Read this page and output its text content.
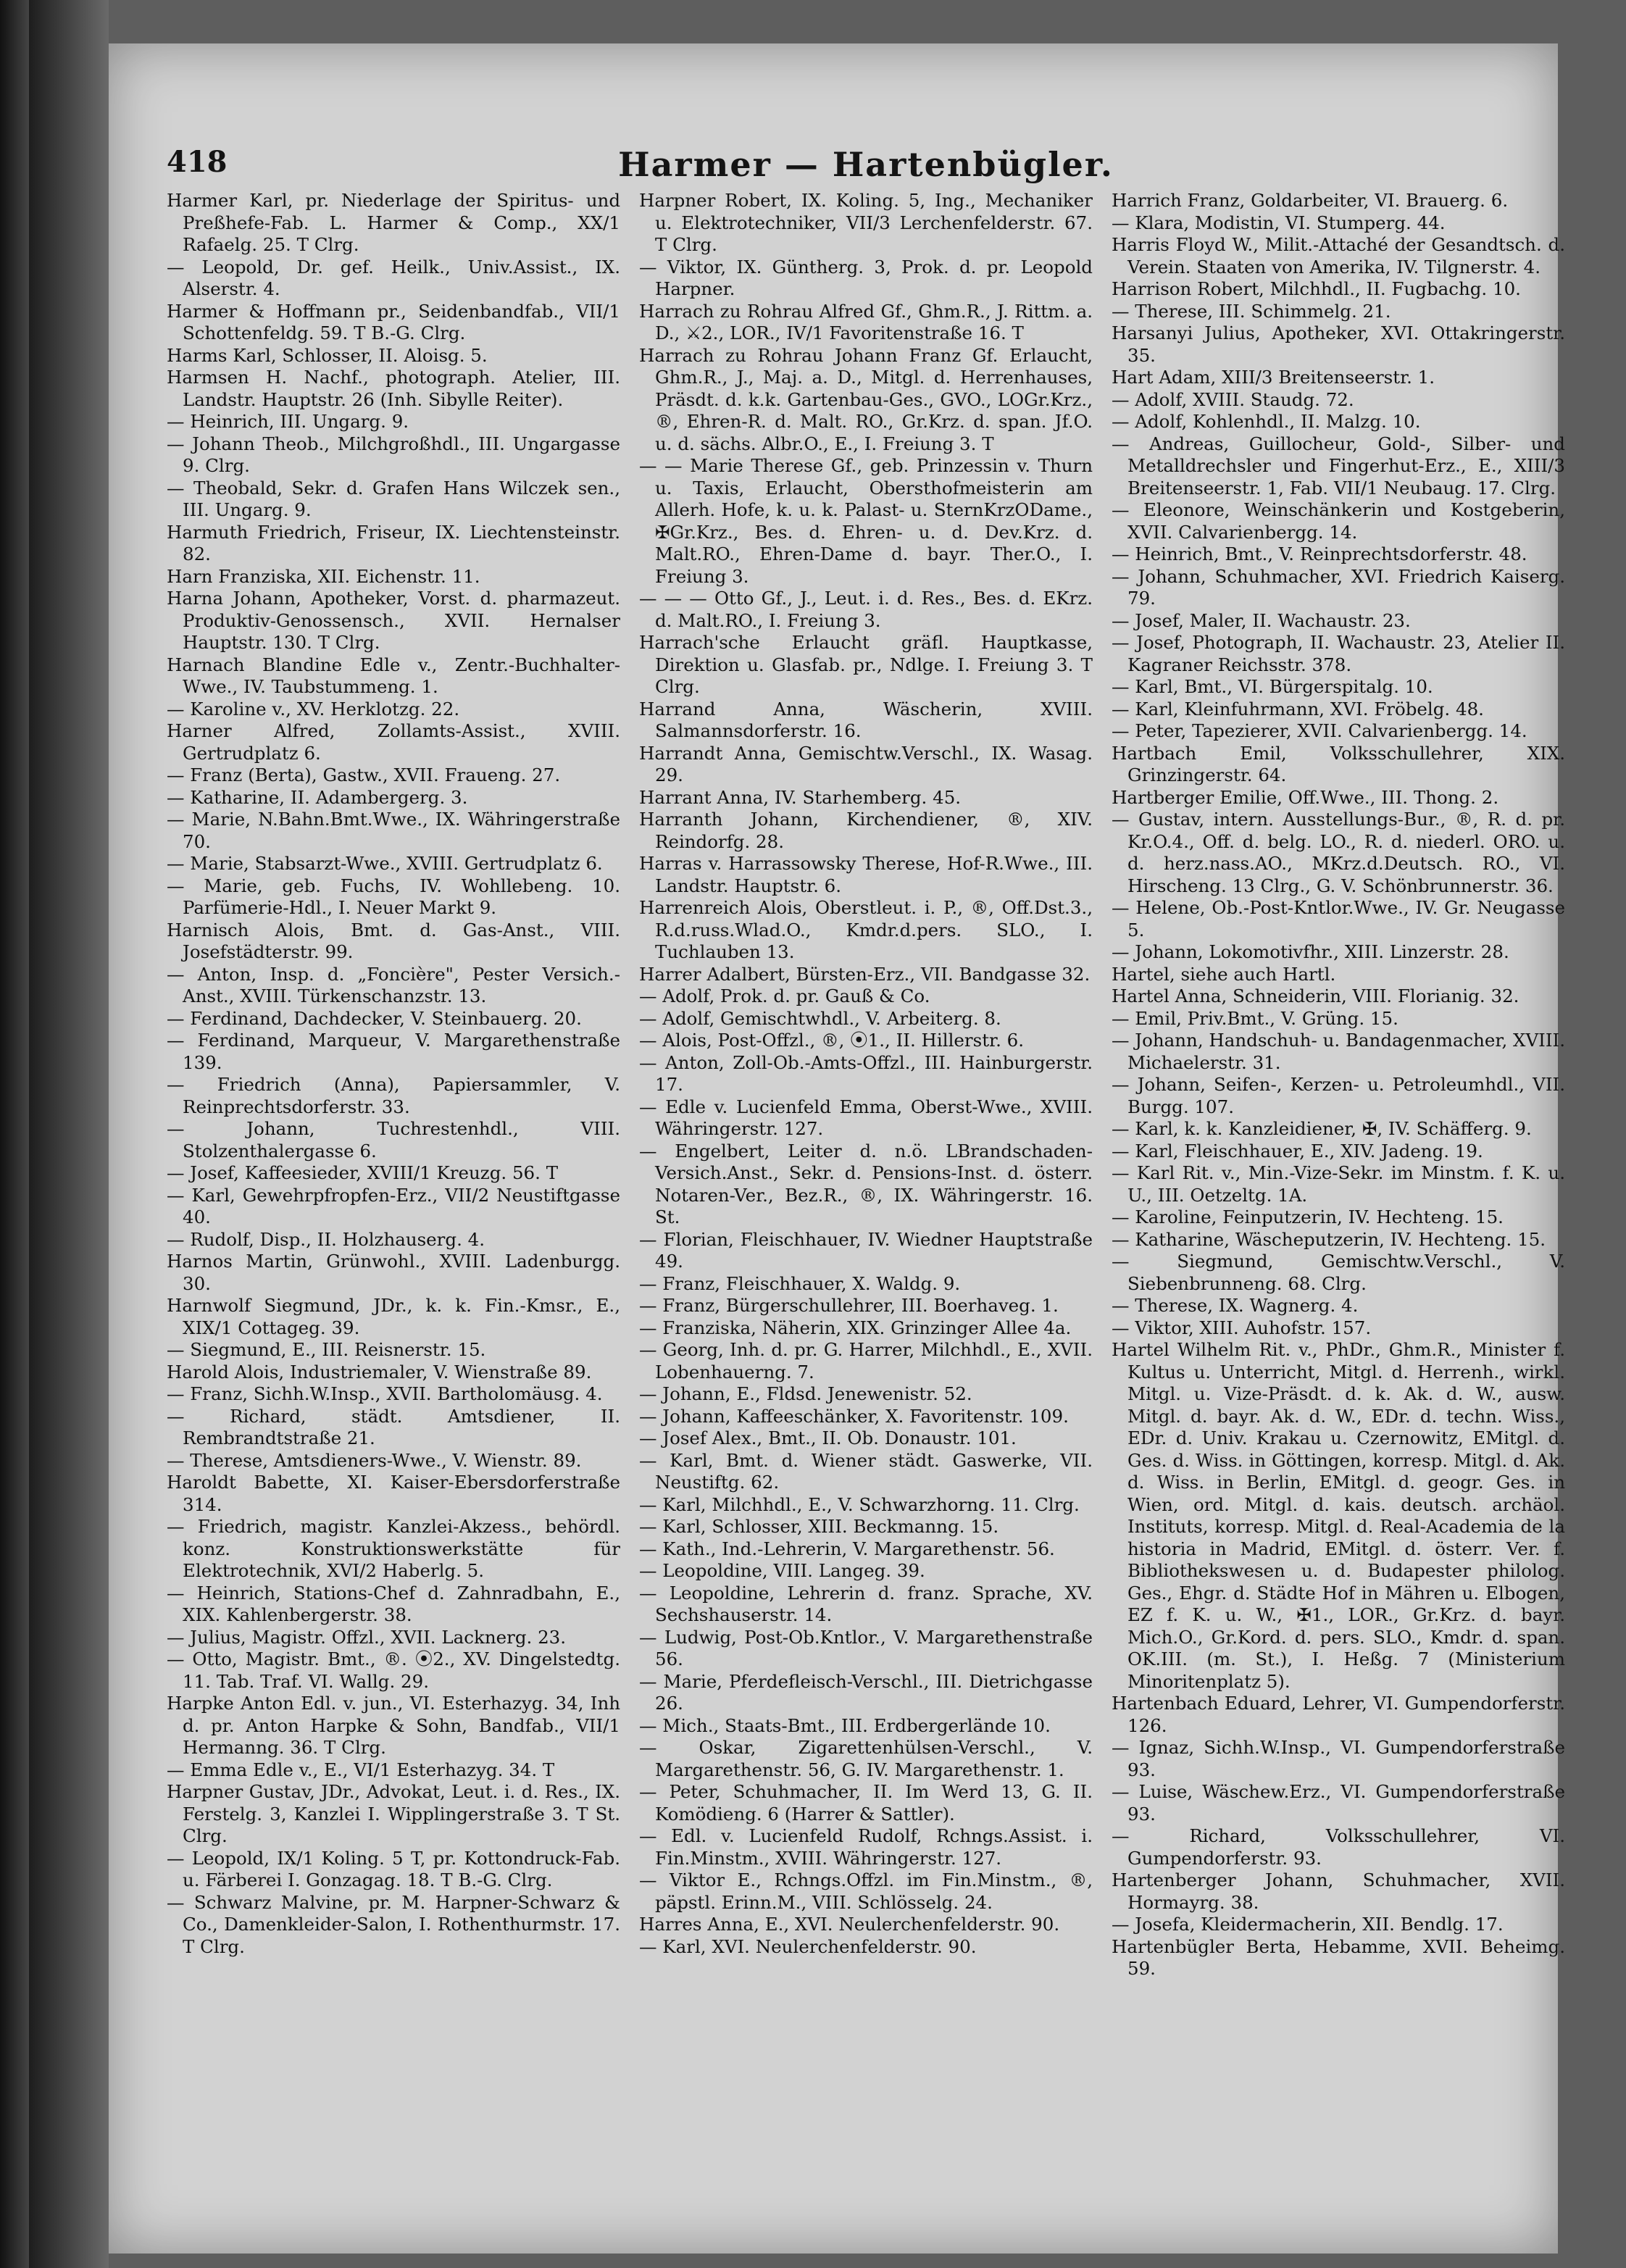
Harmer — Hartenbügler.
418

Harmer Karl, pr. Niederlage der Spiritus- und Preßhefe-Fab. L. Harmer & Comp., XX/1 Rafaelg. 25. T Clrg.

— Leopold, Dr. gef. Heilk., Univ.Assist., IX. Alserstr. 4.

Harmer & Hoffmann pr., Seidenbandfab., VII/1 Schottenfeldg. 59. T B.-G. Clrg.

Harms Karl, Schlosser, II. Aloisg. 5.

Harmsen H. Nachf., photograph. Atelier, III. Landstr. Hauptstr. 26 (Inh. Sibylle Reiter).

— Heinrich, III. Ungarg. 9.

— Johann Theob., Milchgroßhdl., III. Ungargasse 9. Clrg.

— Theobald, Sekr. d. Grafen Hans Wilczek sen., III. Ungarg. 9.

Harmuth Friedrich, Friseur, IX. Liechtensteinstr. 82.

Harn Franziska, XII. Eichenstr. 11.

Harna Johann, Apotheker, Vorst. d. pharmazeut. Produktiv-Genossensch., XVII. Hernalser Hauptstr. 130. T Clrg.

Harnach Blandine Edle v., Zentr.-Buchhalter-Wwe., IV. Taubstummeng. 1.

— Karoline v., XV. Herklotzg. 22.

Harner Alfred, Zollamts-Assist., XVIII. Gertrudplatz 6.

— Franz (Berta), Gastw., XVII. Fraueng. 27.

— Katharine, II. Adambergerg. 3.

— Marie, N.Bahn.Bmt.Wwe., IX. Währingerstraße 70.

— Marie, Stabsarzt-Wwe., XVIII. Gertrudplatz 6.

— Marie, geb. Fuchs, IV. Wohllebeng. 10. Parfümerie-Hdl., I. Neuer Markt 9.

Harnisch Alois, Bmt. d. Gas-Anst., VIII. Josefstädterstr. 99.

— Anton, Insp. d. „Foncière", Pester Versich.-Anst., XVIII. Türkenschanzstr. 13.

— Ferdinand, Dachdecker, V. Steinbauerg. 20.

— Ferdinand, Marqueur, V. Margarethenstraße 139.

— Friedrich (Anna), Papiersammler, V. Reinprechtsdorferstr. 33.

— Johann, Tuchrestenhdl., VIII. Stolzenthalergasse 6.

— Josef, Kaffeesieder, XVIII/1 Kreuzg. 56. T

— Karl, Gewehrpfropfen-Erz., VII/2 Neustiftgasse 40.

— Rudolf, Disp., II. Holzhauserg. 4.

Harnos Martin, Grünwohl., XVIII. Ladenburgg. 30.

Harnwolf Siegmund, JDr., k. k. Fin.-Kmsr., E., XIX/1 Cottageg. 39.

— Siegmund, E., III. Reisnerstr. 15.

Harold Alois, Industriemaler, V. Wienstraße 89.

— Franz, Sichh.W.Insp., XVII. Bartholomäusg. 4.

— Richard, städt. Amtsdiener, II. Rembrandtstraße 21.

— Therese, Amtsdieners-Wwe., V. Wienstr. 89.

Haroldt Babette, XI. Kaiser-Ebersdorferstraße 314.

— Friedrich, magistr. Kanzlei-Akzess., behördl. konz. Konstruktionswerkstätte für Elektrotechnik, XVI/2 Haberlg. 5.

— Heinrich, Stations-Chef d. Zahnradbahn, E., XIX. Kahlenbergerstr. 38.

— Julius, Magistr. Offzl., XVII. Lacknerg. 23.

— Otto, Magistr. Bmt., ®. ⦿2., XV. Dingelstedtg. 11. Tab. Traf. VI. Wallg. 29.

Harpke Anton Edl. v. jun., VI. Esterhazyg. 34, Inh d. pr. Anton Harpke & Sohn, Bandfab., VII/1 Hermanng. 36. T Clrg.

— Emma Edle v., E., VI/1 Esterhazyg. 34. T

Harpner Gustav, JDr., Advokat, Leut. i. d. Res., IX. Ferstelg. 3, Kanzlei I. Wipplingerstraße 3. T St. Clrg.

— Leopold, IX/1 Koling. 5 T, pr. Kottondruck-Fab. u. Färberei I. Gonzagag. 18. T B.-G. Clrg.

— Schwarz Malvine, pr. M. Harpner-Schwarz & Co., Damenkleider-Salon, I. Rothenthurmstr. 17. T Clrg.

Harpner Robert, IX. Koling. 5, Ing., Mechaniker u. Elektrotechniker, VII/3 Lerchenfelderstr. 67. T Clrg.

— Viktor, IX. Güntherg. 3, Prok. d. pr. Leopold Harpner.

Harrach zu Rohrau Alfred Gf., Ghm.R., J. Rittm. a. D., ⚔2., LOR., IV/1 Favoritenstraße 16. T

Harrach zu Rohrau Johann Franz Gf. Erlaucht, Ghm.R., J., Maj. a. D., Mitgl. d. Herrenhauses, Präsdt. d. k.k. Gartenbau-Ges., GVO., LOGr.Krz., ®, Ehren-R. d. Malt. RO., Gr.Krz. d. span. Jf.O. u. d. sächs. Albr.O., E., I. Freiung 3. T

— — Marie Therese Gf., geb. Prinzessin v. Thurn u. Taxis, Erlaucht, Obersthofmeisterin am Allerh. Hofe, k. u. k. Palast- u. SternKrzODame., ✠Gr.Krz., Bes. d. Ehren- u. d. Dev.Krz. d. Malt.RO., Ehren-Dame d. bayr. Ther.O., I. Freiung 3.

— — — Otto Gf., J., Leut. i. d. Res., Bes. d. EKrz. d. Malt.RO., I. Freiung 3.

Harrach'sche Erlaucht gräfl. Hauptkasse, Direktion u. Glasfab. pr., Ndlge. I. Freiung 3. T Clrg.

Harrand Anna, Wäscherin, XVIII. Salmannsdorferstr. 16.

Harrandt Anna, Gemischtw.Verschl., IX. Wasag. 29.

Harrant Anna, IV. Starhemberg. 45.

Harranth Johann, Kirchendiener, ®, XIV. Reindorfg. 28.

Harras v. Harrassowsky Therese, Hof-R.Wwe., III. Landstr. Hauptstr. 6.

Harrenreich Alois, Oberstleut. i. P., ®, Off.Dst.3., R.d.russ.Wlad.O., Kmdr.d.pers. SLO., I. Tuchlauben 13.

Harrer Adalbert, Bürsten-Erz., VII. Bandgasse 32.

— Adolf, Prok. d. pr. Gauß & Co.

— Adolf, Gemischtwhdl., V. Arbeiterg. 8.

— Alois, Post-Offzl., ®, ⦿1., II. Hillerstr. 6.

— Anton, Zoll-Ob.-Amts-Offzl., III. Hainburgerstr. 17.

— Edle v. Lucienfeld Emma, Oberst-Wwe., XVIII. Währingerstr. 127.

— Engelbert, Leiter d. n.ö. LBrandschaden-Versich.Anst., Sekr. d. Pensions-Inst. d. österr. Notaren-Ver., Bez.R., ®, IX. Währingerstr. 16. St.

— Florian, Fleischhauer, IV. Wiedner Hauptstraße 49.

— Franz, Fleischhauer, X. Waldg. 9.

— Franz, Bürgerschullehrer, III. Boerhaveg. 1.

— Franziska, Näherin, XIX. Grinzinger Allee 4a.

— Georg, Inh. d. pr. G. Harrer, Milchhdl., E., XVII. Lobenhauerng. 7.

— Johann, E., Fldsd. Jenewenistr. 52.

— Johann, Kaffeeschänker, X. Favoritenstr. 109.

— Josef Alex., Bmt., II. Ob. Donaustr. 101.

— Karl, Bmt. d. Wiener städt. Gaswerke, VII. Neustiftg. 62.

— Karl, Milchhdl., E., V. Schwarzhorng. 11. Clrg.

— Karl, Schlosser, XIII. Beckmanng. 15.

— Kath., Ind.-Lehrerin, V. Margarethenstr. 56.

— Leopoldine, VIII. Langeg. 39.

— Leopoldine, Lehrerin d. franz. Sprache, XV. Sechshauserstr. 14.

— Ludwig, Post-Ob.Kntlor., V. Margarethenstraße 56.

— Marie, Pferdefleisch-Verschl., III. Dietrichgasse 26.

— Mich., Staats-Bmt., III. Erdbergerlände 10.

— Oskar, Zigarettenhülsen-Verschl., V. Margarethenstr. 56, G. IV. Margarethenstr. 1.

— Peter, Schuhmacher, II. Im Werd 13, G. II. Komödieng. 6 (Harrer & Sattler).

— Edl. v. Lucienfeld Rudolf, Rchngs.Assist. i. Fin.Minstm., XVIII. Währingerstr. 127.

— Viktor E., Rchngs.Offzl. im Fin.Minstm., ®, päpstl. Erinn.M., VIII. Schlösselg. 24.

Harres Anna, E., XVI. Neulerchenfelderstr. 90.

— Karl, XVI. Neulerchenfelderstr. 90.

Harrich Franz, Goldarbeiter, VI. Brauerg. 6.

— Klara, Modistin, VI. Stumperg. 44.

Harris Floyd W., Milit.-Attaché der Gesandtsch. d. Verein. Staaten von Amerika, IV. Tilgnerstr. 4.

Harrison Robert, Milchhdl., II. Fugbachg. 10.

— Therese, III. Schimmelg. 21.

Harsanyi Julius, Apotheker, XVI. Ottakringerstr. 35.

Hart Adam, XIII/3 Breitenseerstr. 1.

— Adolf, XVIII. Staudg. 72.

— Adolf, Kohlenhdl., II. Malzg. 10.

— Andreas, Guillocheur, Gold-, Silber- und Metalldrechsler und Fingerhut-Erz., E., XIII/3 Breitenseerstr. 1, Fab. VII/1 Neubaug. 17. Clrg.

— Eleonore, Weinschänkerin und Kostgeberin, XVII. Calvarienbergg. 14.

— Heinrich, Bmt., V. Reinprechtsdorferstr. 48.

— Johann, Schuhmacher, XVI. Friedrich Kaiserg. 79.

— Josef, Maler, II. Wachaustr. 23.

— Josef, Photograph, II. Wachaustr. 23, Atelier II. Kagraner Reichsstr. 378.

— Karl, Bmt., VI. Bürgerspitalg. 10.

— Karl, Kleinfuhrmann, XVI. Fröbelg. 48.

— Peter, Tapezierer, XVII. Calvarienbergg. 14.

Hartbach Emil, Volksschullehrer, XIX. Grinzingerstr. 64.

Hartberger Emilie, Off.Wwe., III. Thong. 2.

— Gustav, intern. Ausstellungs-Bur., ®, R. d. pr. Kr.O.4., Off. d. belg. LO., R. d. niederl. ORO. u. d. herz.nass.AO., MKrz.d.Deutsch. RO., VI. Hirscheng. 13 Clrg., G. V. Schönbrunnerstr. 36.

— Helene, Ob.-Post-Kntlor.Wwe., IV. Gr. Neugasse 5.

— Johann, Lokomotivfhr., XIII. Linzerstr. 28.

Hartel, siehe auch Hartl.

Hartel Anna, Schneiderin, VIII. Florianig. 32.

— Emil, Priv.Bmt., V. Grüng. 15.

— Johann, Handschuh- u. Bandagenmacher, XVIII. Michaelerstr. 31.

— Johann, Seifen-, Kerzen- u. Petroleumhdl., VII. Burgg. 107.

— Karl, k. k. Kanzleidiener, ✠, IV. Schäfferg. 9.

— Karl, Fleischhauer, E., XIV. Jadeng. 19.

— Karl Rit. v., Min.-Vize-Sekr. im Minstm. f. K. u. U., III. Oetzeltg. 1A.

— Karoline, Feinputzerin, IV. Hechteng. 15.

— Katharine, Wäscheputzerin, IV. Hechteng. 15.

— Siegmund, Gemischtw.Verschl., V. Siebenbrunneng. 68. Clrg.

— Therese, IX. Wagnerg. 4.

— Viktor, XIII. Auhofstr. 157.

Hartel Wilhelm Rit. v., PhDr., Ghm.R., Minister f. Kultus u. Unterricht, Mitgl. d. Herrenh., wirkl. Mitgl. u. Vize-Präsdt. d. k. Ak. d. W., ausw. Mitgl. d. bayr. Ak. d. W., EDr. d. techn. Wiss., EDr. d. Univ. Krakau u. Czernowitz, EMitgl. d. Ges. d. Wiss. in Göttingen, korresp. Mitgl. d. Ak. d. Wiss. in Berlin, EMitgl. d. geogr. Ges. in Wien, ord. Mitgl. d. kais. deutsch. archäol. Instituts, korresp. Mitgl. d. Real-Academia de la historia in Madrid, EMitgl. d. österr. Ver. f. Bibliothekswesen u. d. Budapester philolog. Ges., Ehgr. d. Städte Hof in Mähren u. Elbogen, EZ f. K. u. W., ✠1., LOR., Gr.Krz. d. bayr. Mich.O., Gr.Kord. d. pers. SLO., Kmdr. d. span. OK.III. (m. St.), I. Heßg. 7 (Ministerium Minoritenplatz 5).

Hartenbach Eduard, Lehrer, VI. Gumpendorferstr. 126.

— Ignaz, Sichh.W.Insp., VI. Gumpendorferstraße 93.

— Luise, Wäschew.Erz., VI. Gumpendorferstraße 93.

— Richard, Volksschullehrer, VI. Gumpendorferstr. 93.

Hartenberger Johann, Schuhmacher, XVII. Hormayrg. 38.

— Josefa, Kleidermacherin, XII. Bendlg. 17.

Hartenbügler Berta, Hebamme, XVII. Beheimg. 59.
